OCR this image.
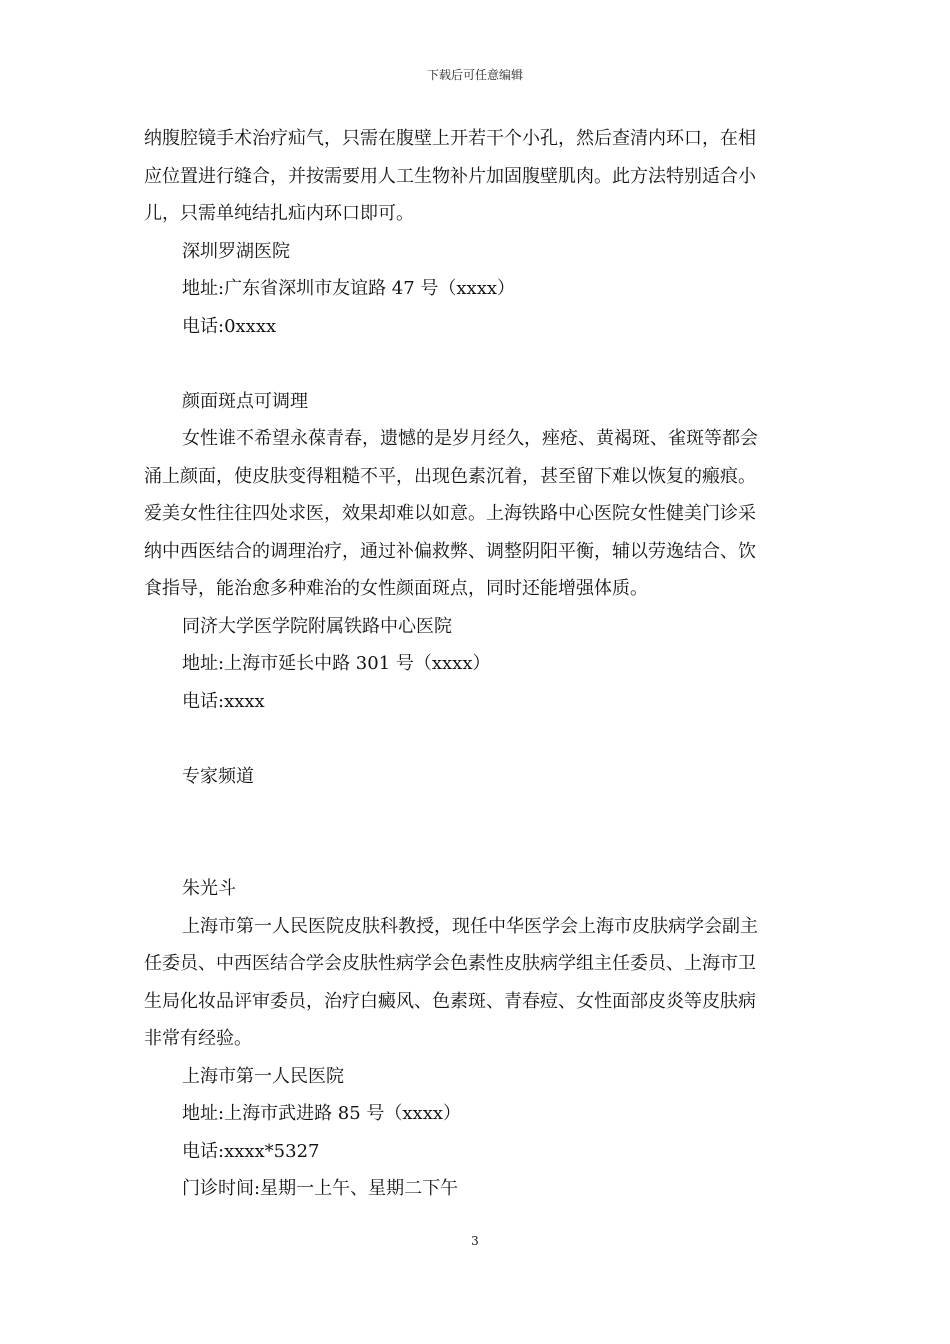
下载后可任意编辑

纳腹腔镜手术治疗疝气，只需在腹壁上开若干个小孔，然后查清内环口，在相

应位置进行缝合，并按需要用人工生物补片加固腹壁肌肉。此方法特别适合小

儿，只需单纯结扎疝内环口即可。

深圳罗湖医院

地址:广东省深圳市友谊路 47 号（xxxx）

电话:0xxxx

颜面斑点可调理

女性谁不希望永葆青春，遗憾的是岁月经久，痤疮、黄褐斑、雀斑等都会

涌上颜面，使皮肤变得粗糙不平，出现色素沉着，甚至留下难以恢复的瘢痕。

爱美女性往往四处求医，效果却难以如意。上海铁路中心医院女性健美门诊采

纳中西医结合的调理治疗，通过补偏救弊、调整阴阳平衡，辅以劳逸结合、饮

食指导，能治愈多种难治的女性颜面斑点，同时还能增强体质。

同济大学医学院附属铁路中心医院

地址:上海市延长中路 301 号（xxxx）

电话:xxxx

专家频道

朱光斗

上海市第一人民医院皮肤科教授，现任中华医学会上海市皮肤病学会副主

任委员、中西医结合学会皮肤性病学会色素性皮肤病学组主任委员、上海市卫

生局化妆品评审委员，治疗白癜风、色素斑、青春痘、女性面部皮炎等皮肤病

非常有经验。

上海市第一人民医院

地址:上海市武进路 85 号（xxxx）

电话:xxxx*5327

门诊时间:星期一上午、星期二下午

3
